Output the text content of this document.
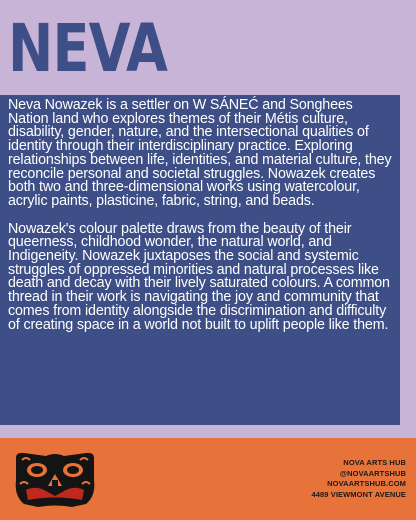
NEVA

Neva Nowazek is a settler on W SÁNEĆ and Songhees Nation land who explores themes of their Métis culture, disability, gender, nature, and the intersectional qualities of identity through their interdisciplinary practice. Exploring relationships between life, identities, and material culture, they reconcile personal and societal struggles. Nowazek creates both two and three-dimensional works using watercolour, acrylic paints, plasticine, fabric, string, and beads.

Nowazek's colour palette draws from the beauty of their queerness, childhood wonder, the natural world, and Indigeneity. Nowazek juxtaposes the social and systemic struggles of oppressed minorities and natural processes like death and decay with their lively saturated colours. A common thread in their work is navigating the joy and community that comes from identity alongside the discrimination and difficulty of creating space in a world not built to uplift people like them.

NOVA ARTS HUB
@NOVAARTSHUB
NOVAARTSHUB.COM
4489 VIEWMONT AVENUE
